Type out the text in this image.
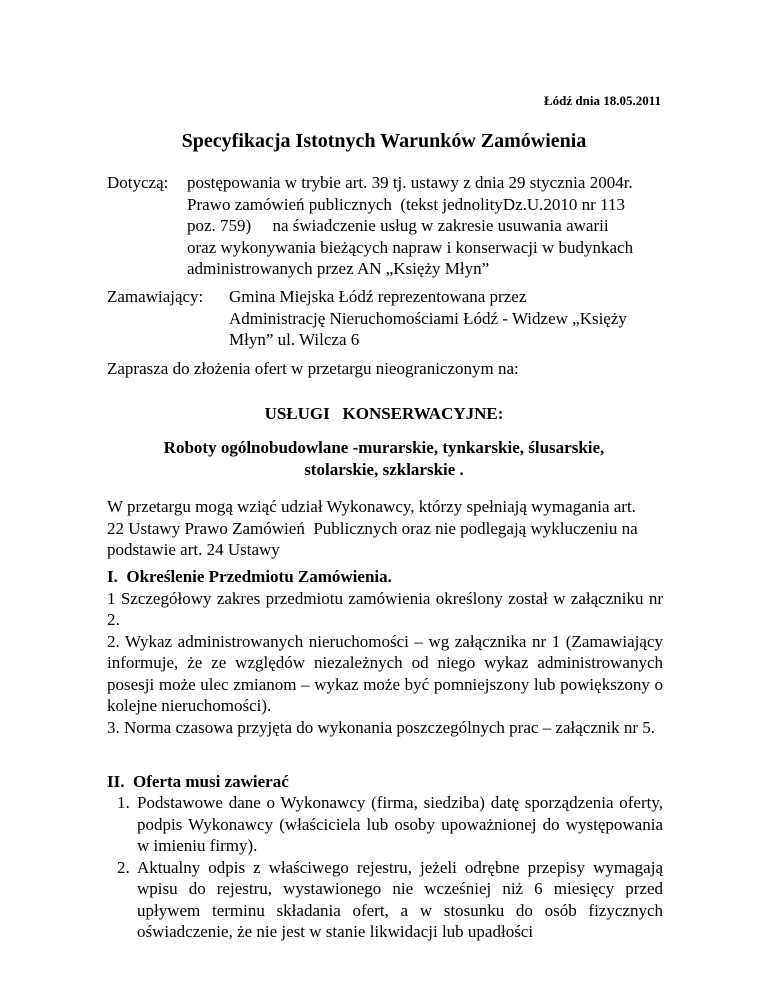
Łódź dnia 18.05.2011
Specyfikacja Istotnych Warunków Zamówienia
Dotyczą: postępowania w trybie art. 39 tj. ustawy z dnia 29 stycznia 2004r.
Prawo zamówień publicznych  (tekst jednolityDz.U.2010 nr 113
poz. 759)     na świadczenie usług w zakresie usuwania awarii
oraz wykonywania bieżących napraw i konserwacji w budynkach
administrowanych przez AN „Księży Młyn”
Zamawiający: Gmina Miejska Łódź reprezentowana przez
Administrację Nieruchomościami Łódź - Widzew „Księży
Młyn” ul. Wilcza 6
Zaprasza do złożenia ofert w przetargu nieograniczonym na:
USŁUGI   KONSERWACYJNE:
Roboty ogólnobudowlane -murarskie, tynkarskie, ślusarskie,
stolarskie, szklarskie .
W przetargu mogą wziąć udział Wykonawcy, którzy spełniają wymagania art.
22 Ustawy Prawo Zamówień  Publicznych oraz nie podlegają wykluczeniu na
podstawie art. 24 Ustawy

I.  Określenie Przedmiotu Zamówienia.

1 Szczegółowy zakres przedmiotu zamówienia określony został w załączniku nr 2.

2. Wykaz administrowanych nieruchomości – wg załącznika nr 1 (Zamawiający informuje, że ze względów niezależnych od niego wykaz administrowanych posesji może ulec zmianom – wykaz może być pomniejszony lub powiększony o kolejne nieruchomości).

3. Norma czasowa przyjęta do wykonania poszczególnych prac – załącznik nr 5.

II.  Oferta musi zawierać
1. Podstawowe dane o Wykonawcy (firma, siedziba) datę sporządzenia oferty, podpis Wykonawcy (właściciela lub osoby upoważnionej do występowania w imieniu firmy).
2. Aktualny odpis z właściwego rejestru, jeżeli odrębne przepisy wymagają wpisu do rejestru, wystawionego nie wcześniej niż 6 miesięcy przed upływem terminu składania ofert, a w stosunku do osób fizycznych oświadczenie, że nie jest w stanie likwidacji lub upadłości
